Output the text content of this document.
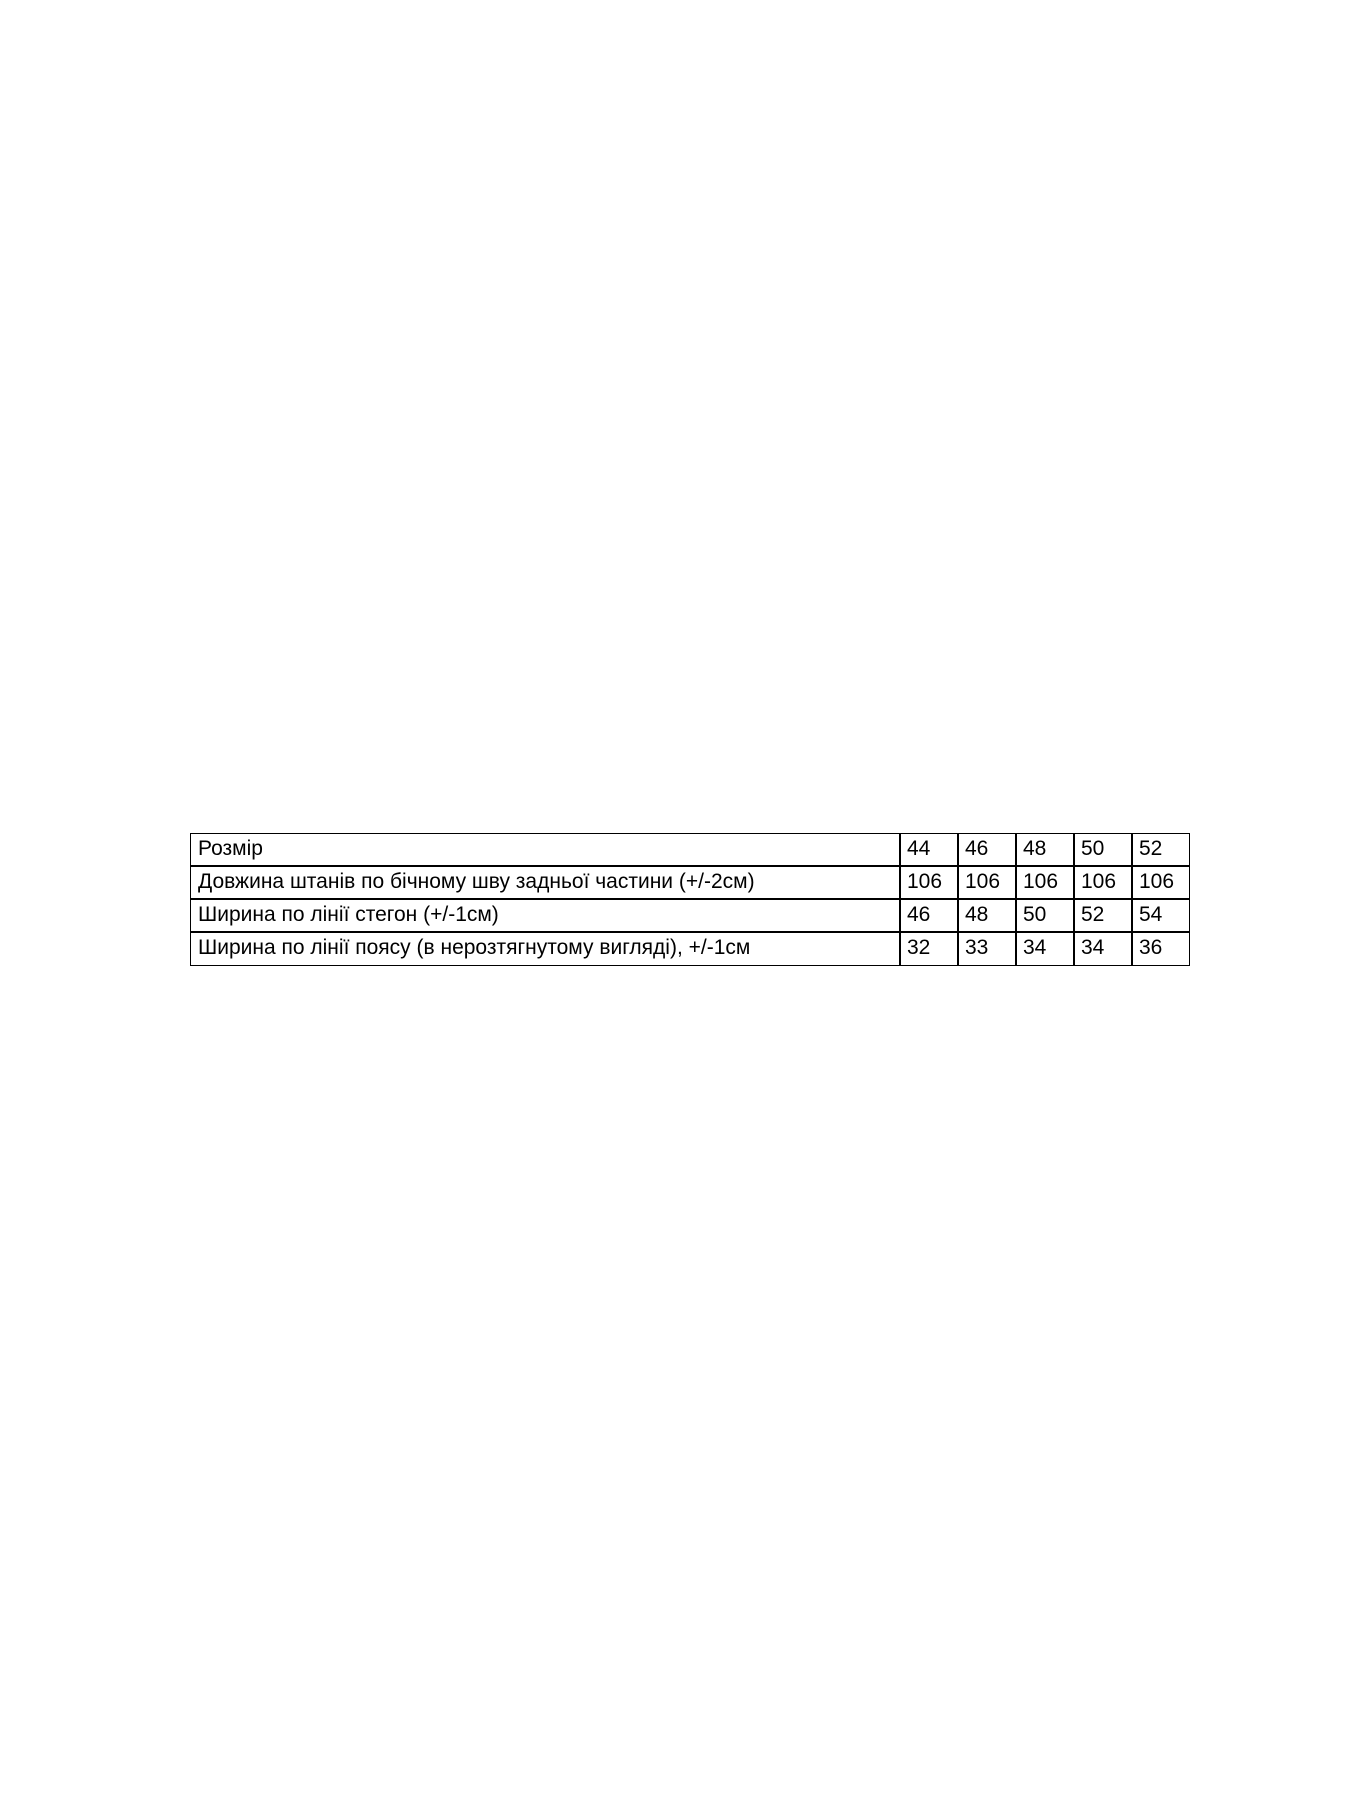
Розмір	44	46	48	50	52
Довжина штанів по бічному шву задньої частини (+/-2см)	106	106	106	106	106
Ширина по лінії стегон (+/-1см)	46	48	50	52	54
Ширина по лінії поясу (в нерозтягнутому вигляді), +/-1см	32	33	34	34	36
